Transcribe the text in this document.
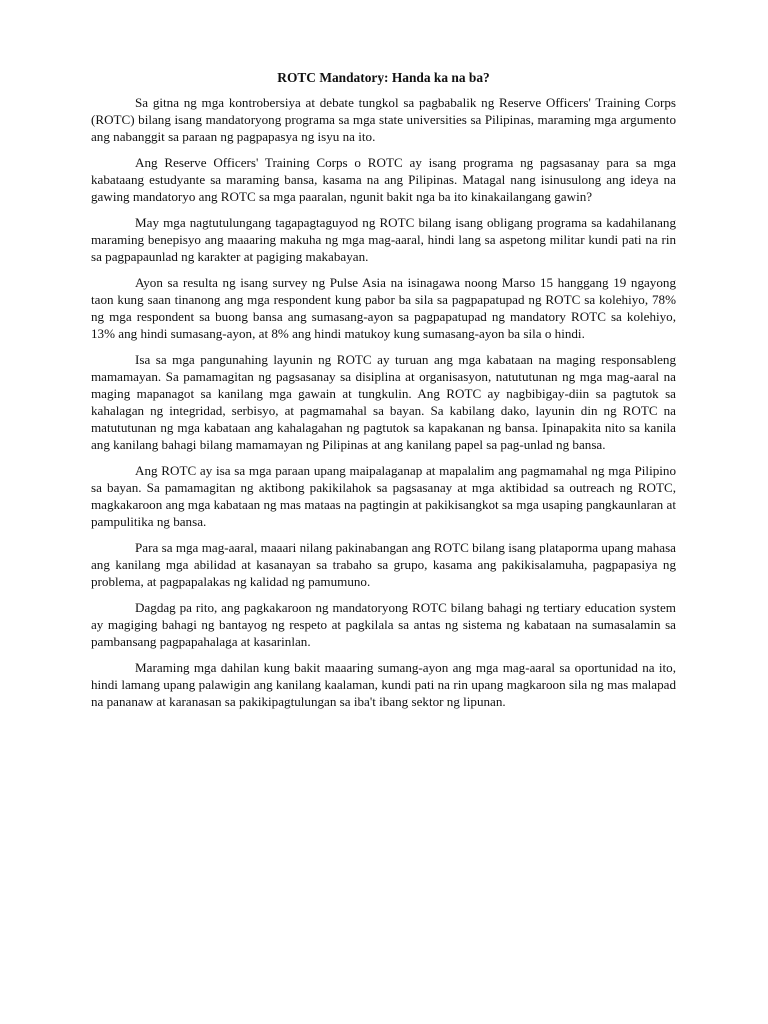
ROTC Mandatory: Handa ka na ba?

Sa gitna ng mga kontrobersiya at debate tungkol sa pagbabalik ng Reserve Officers' Training Corps (ROTC) bilang isang mandatoryong programa sa mga state universities sa Pilipinas, maraming mga argumento ang nabanggit sa paraan ng pagpapasya ng isyu na ito.

Ang Reserve Officers' Training Corps o ROTC ay isang programa ng pagsasanay para sa mga kabataang estudyante sa maraming bansa, kasama na ang Pilipinas. Matagal nang isinusulong ang ideya na gawing mandatoryo ang ROTC sa mga paaralan, ngunit bakit nga ba ito kinakailangang gawin?

May mga nagtutulungang tagapagtaguyod ng ROTC bilang isang obligang programa sa kadahilanang maraming benepisyo ang maaaring makuha ng mga mag-aaral, hindi lang sa aspetong militar kundi pati na rin sa pagpapaunlad ng karakter at pagiging makabayan.

Ayon sa resulta ng isang survey ng Pulse Asia na isinagawa noong Marso 15 hanggang 19 ngayong taon kung saan tinanong ang mga respondent kung pabor ba sila sa pagpapatupad ng ROTC sa kolehiyo, 78% ng mga respondent sa buong bansa ang sumasang-ayon sa pagpapatupad ng mandatory ROTC sa kolehiyo, 13% ang hindi sumasang-ayon, at 8% ang hindi matukoy kung sumasang-ayon ba sila o hindi.

Isa sa mga pangunahing layunin ng ROTC ay turuan ang mga kabataan na maging responsableng mamamayan. Sa pamamagitan ng pagsasanay sa disiplina at organisasyon, natututunan ng mga mag-aaral na maging mapanagot sa kanilang mga gawain at tungkulin. Ang ROTC ay nagbibigay-diin sa pagtutok sa kahalagan ng integridad, serbisyo, at pagmamahal sa bayan. Sa kabilang dako, layunin din ng ROTC na matututunan ng mga kabataan ang kahalagahan ng pagtutok sa kapakanan ng bansa. Ipinapakita nito sa kanila ang kanilang bahagi bilang mamamayan ng Pilipinas at ang kanilang papel sa pag-unlad ng bansa.

Ang ROTC ay isa sa mga paraan upang maipalaganap at mapalalim ang pagmamahal ng mga Pilipino sa bayan. Sa pamamagitan ng aktibong pakikilahok sa pagsasanay at mga aktibidad sa outreach ng ROTC, magkakaroon ang mga kabataan ng mas mataas na pagtingin at pakikisangkot sa mga usaping pangkaunlaran at pampulitika ng bansa.

Para sa mga mag-aaral, maaari nilang pakinabangan ang ROTC bilang isang plataporma upang mahasa ang kanilang mga abilidad at kasanayan sa trabaho sa grupo, kasama ang pakikisalamuha, pagpapasiya ng problema, at pagpapalakas ng kalidad ng pamumuno.

Dagdag pa rito, ang pagkakaroon ng mandatoryong ROTC bilang bahagi ng tertiary education system ay magiging bahagi ng bantayog ng respeto at pagkilala sa antas ng sistema ng kabataan na sumasalamin sa pambansang pagpapahalaga at kasarinlan.

Maraming mga dahilan kung bakit maaaring sumang-ayon ang mga mag-aaral sa oportunidad na ito, hindi lamang upang palawigin ang kanilang kaalaman, kundi pati na rin upang magkaroon sila ng mas malapad na pananaw at karanasan sa pakikipagtulungan sa iba't ibang sektor ng lipunan.
